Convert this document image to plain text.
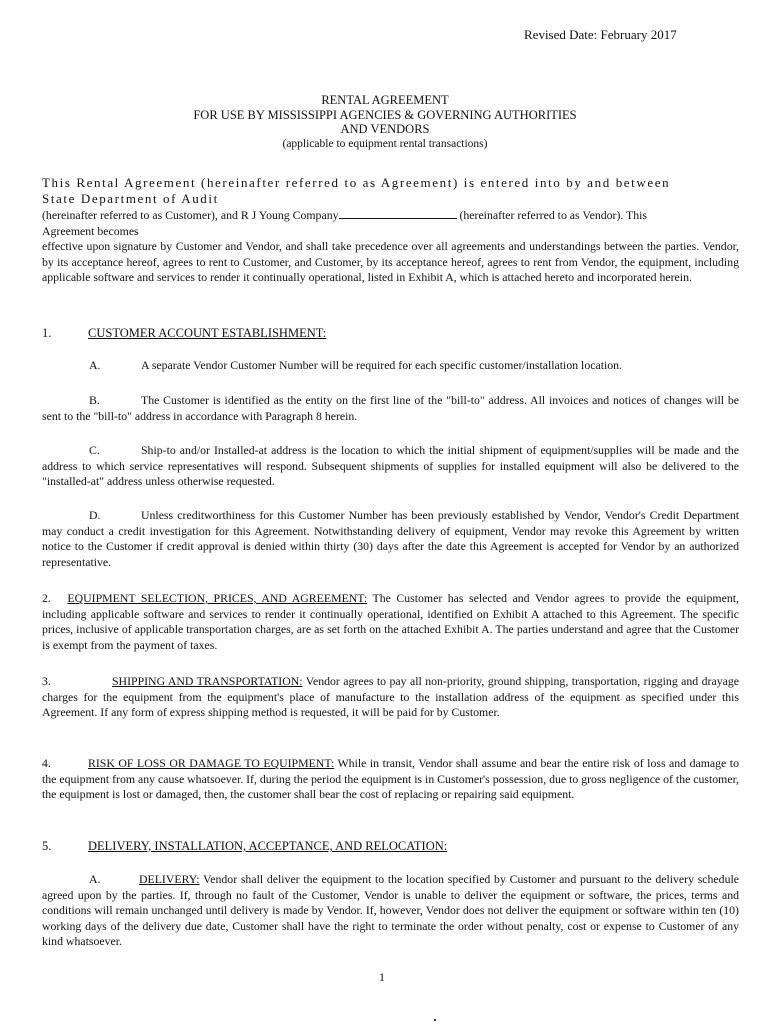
Revised Date: February 2017
RENTAL AGREEMENT
FOR USE BY MISSISSIPPI AGENCIES & GOVERNING AUTHORITIES
AND VENDORS
(applicable to equipment rental transactions)
This Rental Agreement (hereinafter referred to as Agreement) is entered into by and between
State Department of Audit
(hereinafter referred to as Customer), and R J Young Company	(hereinafter referred to as Vendor). This
Agreement becomes
effective upon signature by Customer and Vendor, and shall take precedence over all agreements and understandings between the parties. Vendor, by its acceptance hereof, agrees to rent to Customer, and Customer, by its acceptance hereof, agrees to rent from Vendor, the equipment, including applicable software and services to render it continually operational, listed in Exhibit A, which is attached hereto and incorporated herein.
1.	CUSTOMER ACCOUNT ESTABLISHMENT:
A.	A separate Vendor Customer Number will be required for each specific customer/installation location.
B.	The Customer is identified as the entity on the first line of the "bill-to" address. All invoices and notices of changes will be sent to the "bill-to" address in accordance with Paragraph 8 herein.
C.	Ship-to and/or Installed-at address is the location to which the initial shipment of equipment/supplies will be made and the address to which service representatives will respond. Subsequent shipments of supplies for installed equipment will also be delivered to the "installed-at" address unless otherwise requested.
D.	Unless creditworthiness for this Customer Number has been previously established by Vendor, Vendor's Credit Department may conduct a credit investigation for this Agreement. Notwithstanding delivery of equipment, Vendor may revoke this Agreement by written notice to the Customer if credit approval is denied within thirty (30) days after the date this Agreement is accepted for Vendor by an authorized representative.
2. EQUIPMENT SELECTION, PRICES, AND AGREEMENT: The Customer has selected and Vendor agrees to provide the equipment, including applicable software and services to render it continually operational, identified on Exhibit A attached to this Agreement. The specific prices, inclusive of applicable transportation charges, are as set forth on the attached Exhibit A. The parties understand and agree that the Customer is exempt from the payment of taxes.
3.	SHIPPING AND TRANSPORTATION: Vendor agrees to pay all non-priority, ground shipping, transportation, rigging and drayage charges for the equipment from the equipment's place of manufacture to the installation address of the equipment as specified under this Agreement. If any form of express shipping method is requested, it will be paid for by Customer.
4.	RISK OF LOSS OR DAMAGE TO EQUIPMENT: While in transit, Vendor shall assume and bear the entire risk of loss and damage to the equipment from any cause whatsoever. If, during the period the equipment is in Customer's possession, due to gross negligence of the customer, the equipment is lost or damaged, then, the customer shall bear the cost of replacing or repairing said equipment.
5.	DELIVERY, INSTALLATION, ACCEPTANCE, AND RELOCATION:
A.	DELIVERY: Vendor shall deliver the equipment to the location specified by Customer and pursuant to the delivery schedule agreed upon by the parties. If, through no fault of the Customer, Vendor is unable to deliver the equipment or software, the prices, terms and conditions will remain unchanged until delivery is made by Vendor. If, however, Vendor does not deliver the equipment or software within ten (10) working days of the delivery due date, Customer shall have the right to terminate the order without penalty, cost or expense to Customer of any kind whatsoever.
1
